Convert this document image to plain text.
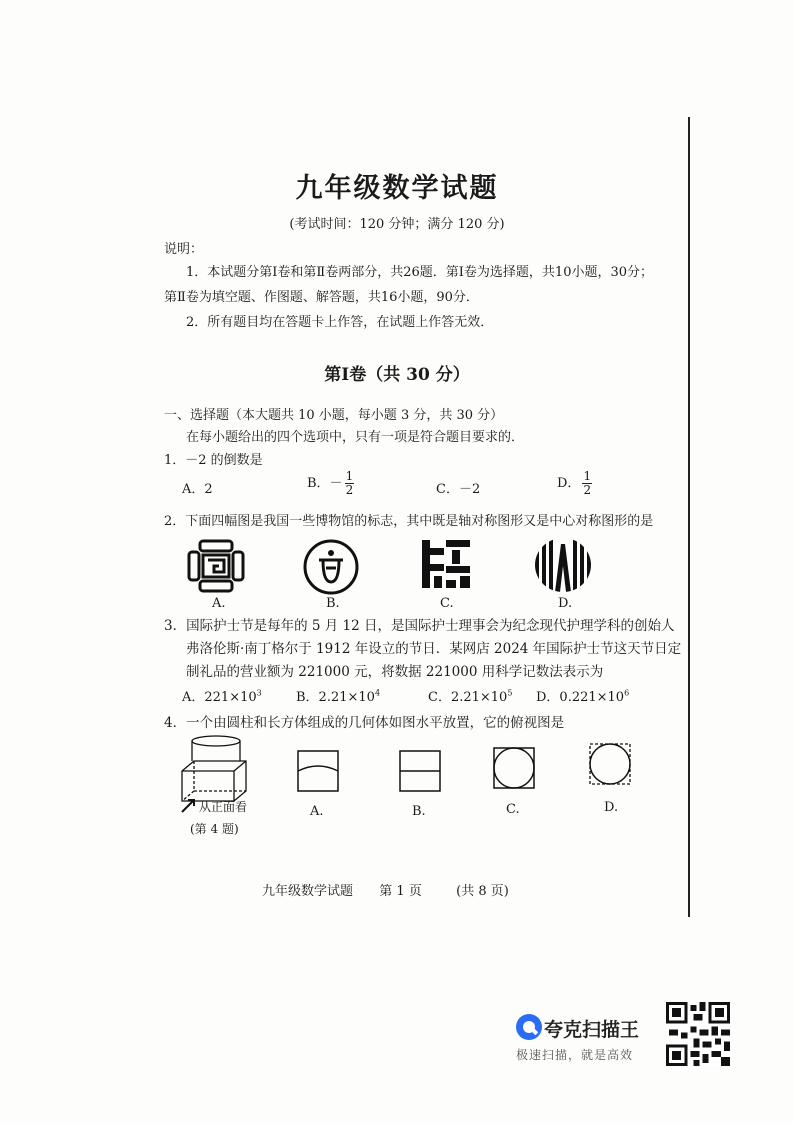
九年级数学试题
(考试时间：120 分钟；满分 120 分)
说明：
1．本试题分第Ⅰ卷和第Ⅱ卷两部分，共26题．第Ⅰ卷为选择题，共10小题，30分；
第Ⅱ卷为填空题、作图题、解答题，共16小题，90分．
2．所有题目均在答题卡上作答，在试题上作答无效．
第Ⅰ卷（共 30 分）
一、选择题（本大题共 10 小题，每小题 3 分，共 30 分）
在每小题给出的四个选项中，只有一项是符合题目要求的．
1．－2 的倒数是
A．2	B．－ $\frac{1}{2}$	C．－2	D． $\frac{1}{2}$
2．下面四幅图是我国一些博物馆的标志，其中既是轴对称图形又是中心对称图形的是
A.	B.	C.	D.
3．国际护士节是每年的 5 月 12 日，是国际护士理事会为纪念现代护理学科的创始人
弗洛伦斯·南丁格尔于 1912 年设立的节日．某网店 2024 年国际护士节这天节日定
制礼品的营业额为 221000 元，将数据 221000 用科学记数法表示为
A．$221\times 10^3$	B．$2.21\times 10^4$	C．$2.21\times 10^5$ D．$0.221\times 10^6$
4．一个由圆柱和长方体组成的几何体如图水平放置，它的俯视图是
从正面看
(第 4 题)
A.	B.	C.	D.
九年级数学试题 第 1 页	(共 8 页)
夸克扫描王
极速扫描，就是高效
